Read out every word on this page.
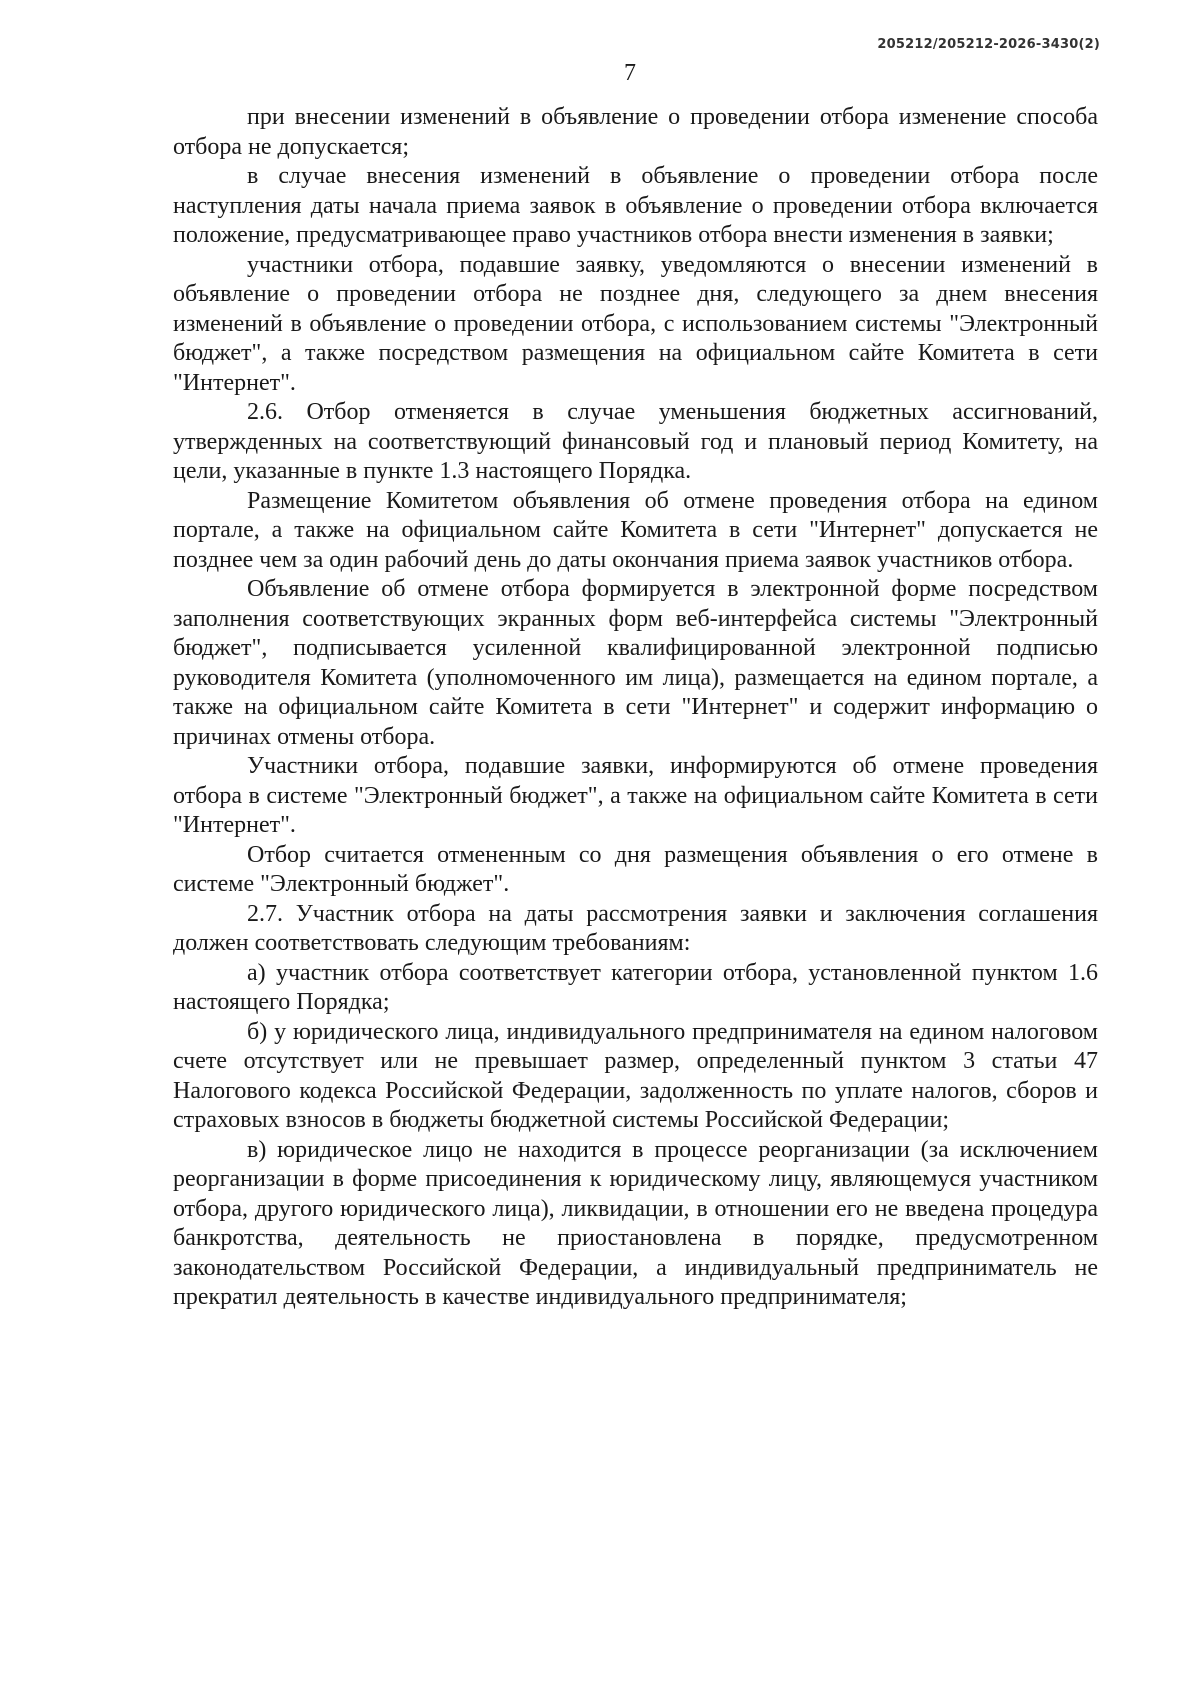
205212/205212-2026-3430(2)
7

при внесении изменений в объявление о проведении отбора изменение способа отбора не допускается;

в случае внесения изменений в объявление о проведении отбора после наступления даты начала приема заявок в объявление о проведении отбора включается положение, предусматривающее право участников отбора внести изменения в заявки;

участники отбора, подавшие заявку, уведомляются о внесении изменений в объявление о проведении отбора не позднее дня, следующего за днем внесения изменений в объявление о проведении отбора, с использованием системы "Электронный бюджет", а также посредством размещения на официальном сайте Комитета в сети "Интернет".

2.6. Отбор отменяется в случае уменьшения бюджетных ассигнований, утвержденных на соответствующий финансовый год и плановый период Комитету, на цели, указанные в пункте 1.3 настоящего Порядка.

Размещение Комитетом объявления об отмене проведения отбора на едином портале, а также на официальном сайте Комитета в сети "Интернет" допускается не позднее чем за один рабочий день до даты окончания приема заявок участников отбора.

Объявление об отмене отбора формируется в электронной форме посредством заполнения соответствующих экранных форм веб-интерфейса системы "Электронный бюджет", подписывается усиленной квалифицированной электронной подписью руководителя Комитета (уполномоченного им лица), размещается на едином портале, а также на официальном сайте Комитета в сети "Интернет" и содержит информацию о причинах отмены отбора.

Участники отбора, подавшие заявки, информируются об отмене проведения отбора в системе "Электронный бюджет", а также на официальном сайте Комитета в сети "Интернет".

Отбор считается отмененным со дня размещения объявления о его отмене в системе "Электронный бюджет".

2.7. Участник отбора на даты рассмотрения заявки и заключения соглашения должен соответствовать следующим требованиям:

а) участник отбора соответствует категории отбора, установленной пунктом 1.6 настоящего Порядка;

б) у юридического лица, индивидуального предпринимателя на едином налоговом счете отсутствует или не превышает размер, определенный пунктом 3 статьи 47 Налогового кодекса Российской Федерации, задолженность по уплате налогов, сборов и страховых взносов в бюджеты бюджетной системы Российской Федерации;

в) юридическое лицо не находится в процессе реорганизации (за исключением реорганизации в форме присоединения к юридическому лицу, являющемуся участником отбора, другого юридического лица), ликвидации, в отношении его не введена процедура банкротства, деятельность не приостановлена в порядке, предусмотренном законодательством Российской Федерации, а индивидуальный предприниматель не прекратил деятельность в качестве индивидуального предпринимателя;
